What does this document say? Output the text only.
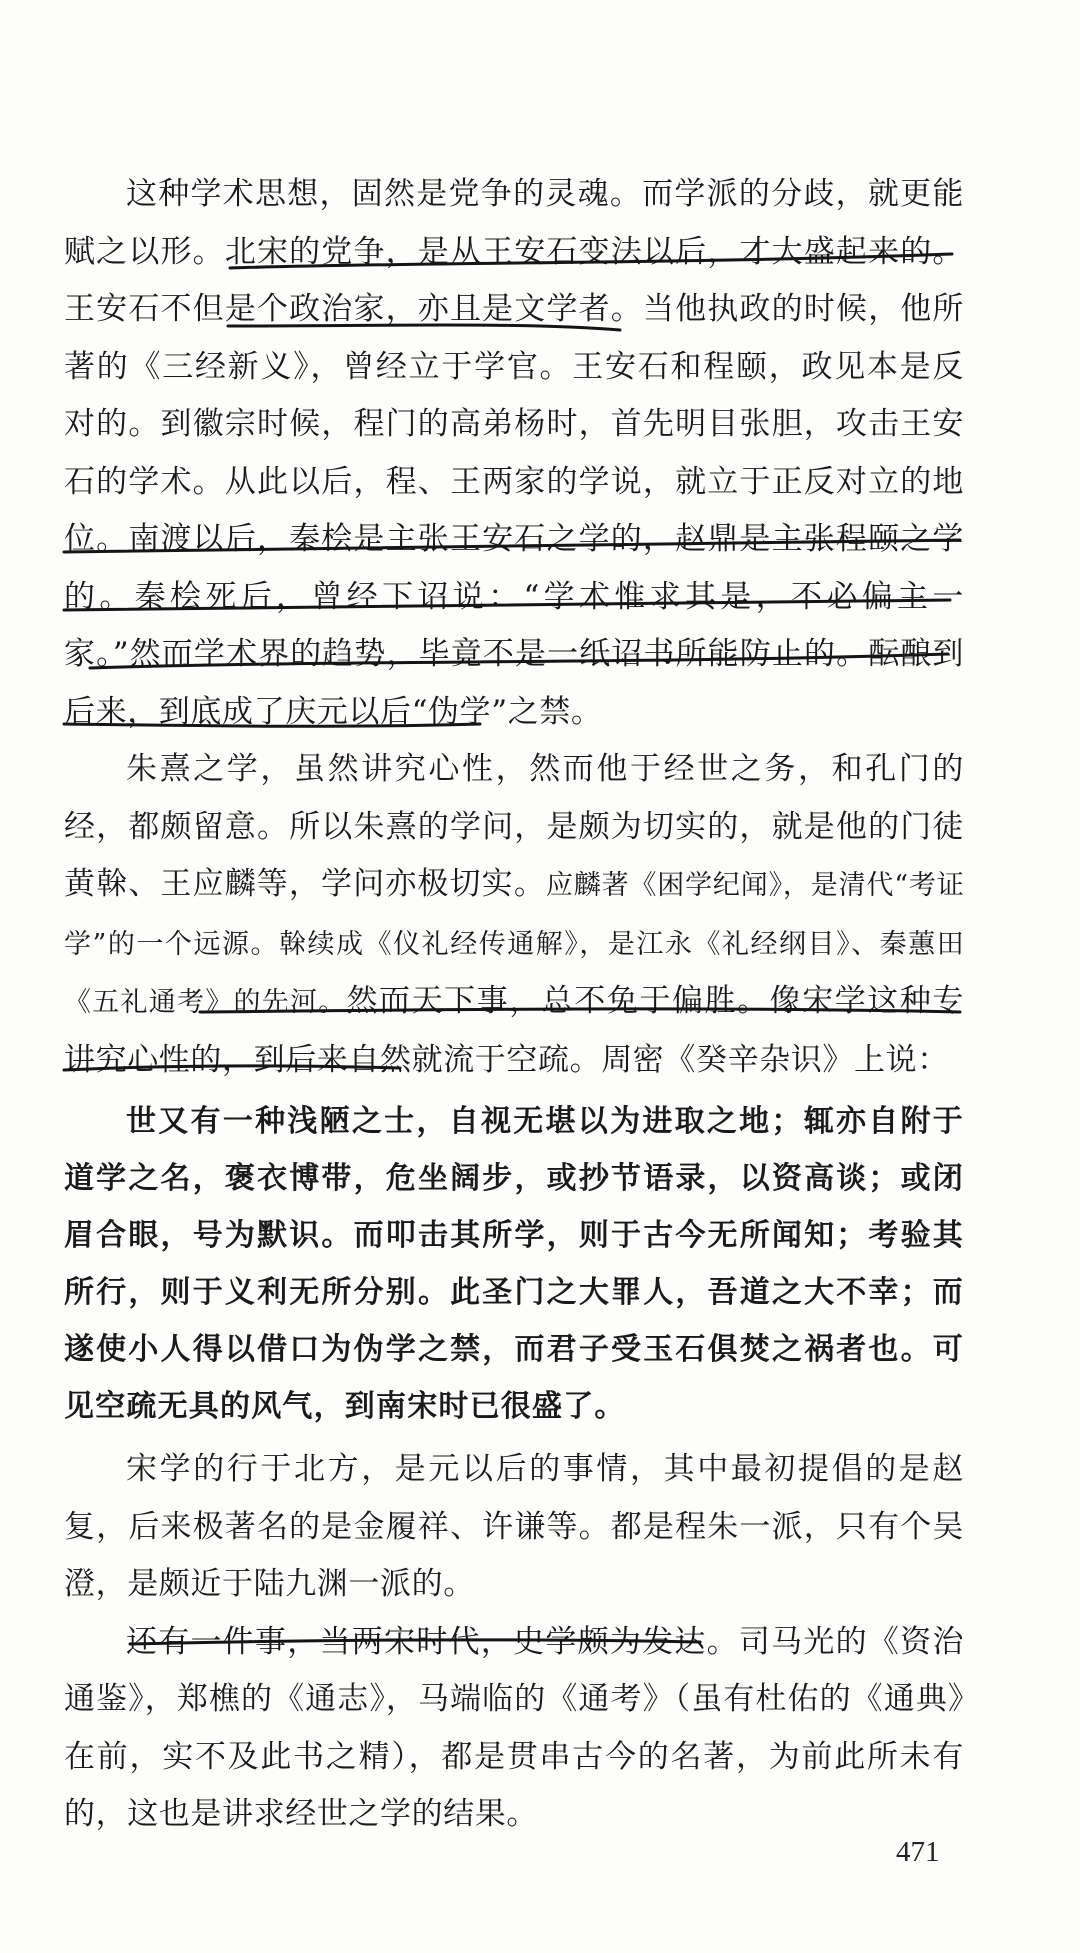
这种学术思想，固然是党争的灵魂。而学派的分歧，就更能赋之以形。北宋的党争，是从王安石变法以后，才大盛起来的。王安石不但是个政治家，亦且是文学者。当他执政的时候，他所著的《三经新义》，曾经立于学官。王安石和程颐，政见本是反对的。到徽宗时候，程门的高弟杨时，首先明目张胆，攻击王安石的学术。从此以后，程、王两家的学说，就立于正反对立的地位。南渡以后，秦桧是主张王安石之学的，赵鼎是主张程颐之学的。秦桧死后，曾经下诏说：“学术惟求其是，不必偏主一家。”然而学术界的趋势，毕竟不是一纸诏书所能防止的。酝酿到后来，到底成了庆元以后“伪学”之禁。

朱熹之学，虽然讲究心性，然而他于经世之务，和孔门的经，都颇留意。所以朱熹的学问，是颇为切实的，就是他的门徒黄榦、王应麟等，学问亦极切实。应麟著《困学纪闻》，是清代“考证学”的一个远源。榦续成《仪礼经传通解》，是江永《礼经纲目》、秦蕙田《五礼通考》的先河。然而天下事，总不免于偏胜。像宋学这种专讲究心性的，到后来自然就流于空疏。周密《癸辛杂识》上说：

世又有一种浅陋之士，自视无堪以为进取之地；辄亦自附于道学之名，褒衣博带，危坐阔步，或抄节语录，以资高谈；或闭眉合眼，号为默识。而叩击其所学，则于古今无所闻知；考验其所行，则于义利无所分别。此圣门之大罪人，吾道之大不幸；而遂使小人得以借口为伪学之禁，而君子受玉石俱焚之祸者也。可见空疏无具的风气，到南宋时已很盛了。

宋学的行于北方，是元以后的事情，其中最初提倡的是赵复，后来极著名的是金履祥、许谦等。都是程朱一派，只有个吴澄，是颇近于陆九渊一派的。

还有一件事，当两宋时代，史学颇为发达。司马光的《资治通鉴》，郑樵的《通志》，马端临的《通考》（虽有杜佑的《通典》在前，实不及此书之精），都是贯串古今的名著，为前此所未有的，这也是讲求经世之学的结果。

471
